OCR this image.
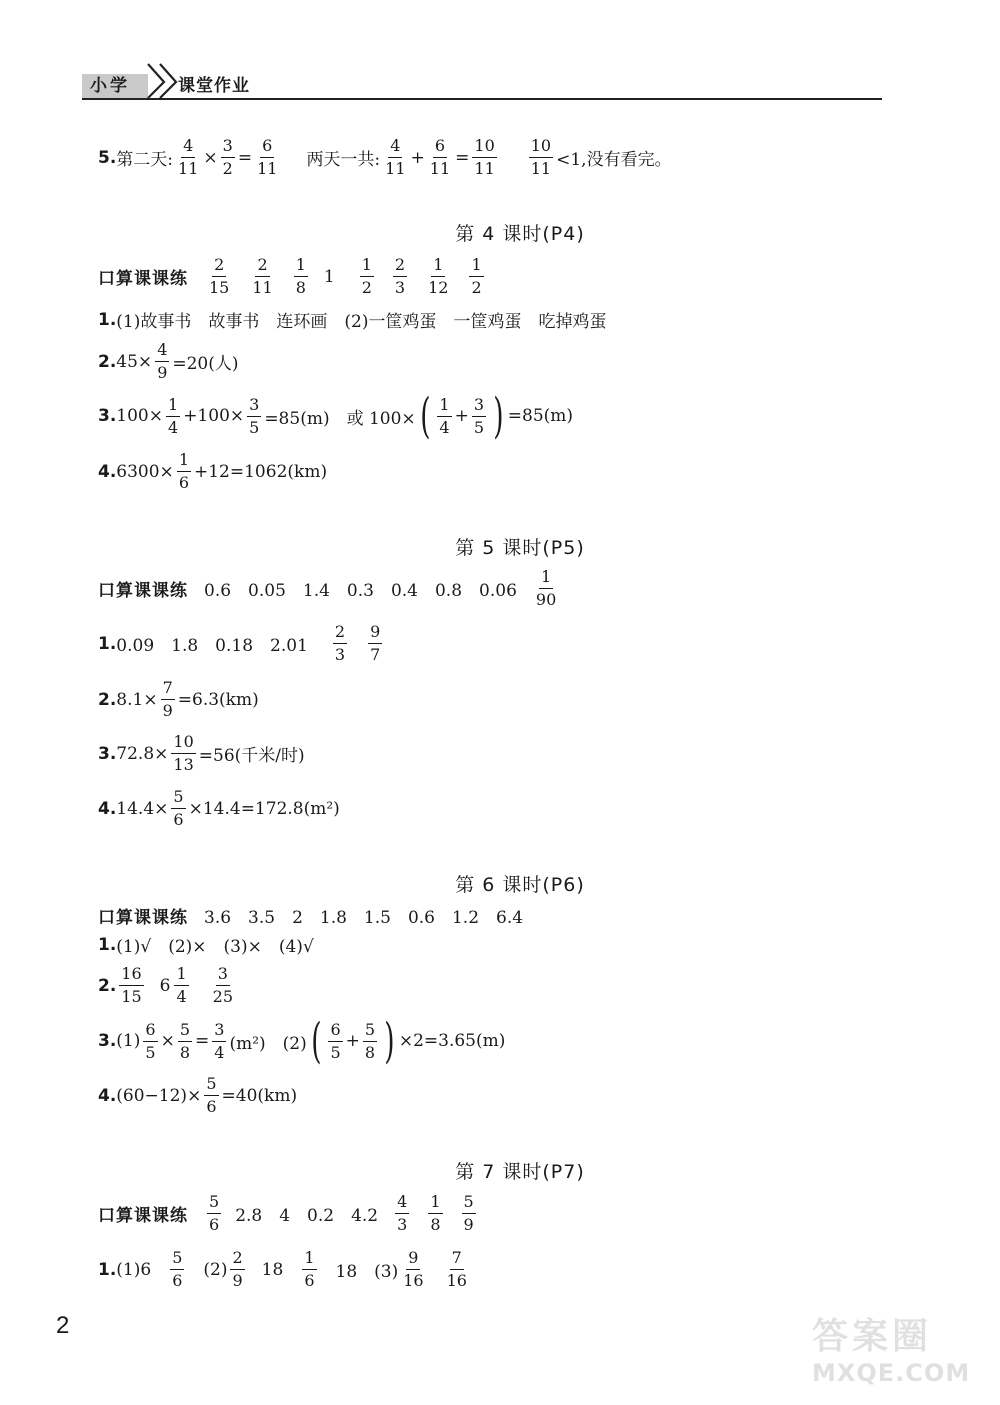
小学	课堂作业
5. 第二天: $\frac{4}{11} \times \frac{3}{2} = \frac{6}{11}$ 两天一共:
4
11
+ $\frac{6}{11} = \frac{10}{11} 10$
11 <1,没有看完。
第 4 课时(P4)
口算课课练
2
15
2
11
1
8
1
1
2
2
3
1
12
1
2
1. (1)故事书　故事书　连环画　(2)一筐鸡蛋　一筐鸡蛋　吃掉鸡蛋
2. $45\times \frac{4}{9} =20$(人)
3. $100\times \frac{1}{4} +100\times \frac{3}{5} =85(m)$　或 100× ( 1
4
+ $\frac{3}{5}$ ) =85(m)
4. $6300\times \frac{1}{6} +12=1062(km)$
第 5 课时(P5)
口算课课练 0.6　0.05　1.4　0.3　0.4　0.8　0.06
1
90
1. 0.09　1.8　0.18　2.01
2
3
9
7
2. $8.1\times \frac{7}{9} =6.3(km)$
3. $72.8\times \frac{10}{13} =56$(千米/时)
4. $14.4\times \frac{5}{6} \times 14.4=172.8(m^2)$
第 6 课时(P6)
口算课课练 3.6　3.5　2　1.8　1.5　0.6　1.2　6.4
1. (1)√　(2)×　(3)×　(4)√
2.
16
15
6
1
4
3
25
3. $(1) \frac{6}{5} \times \frac{5}{8} = \frac{3}{4} (m^2)$　(2) ( 6
5
+ $\frac{5}{8}$ ) ×2=3.65(m)
4. $(60-12)\times \frac{5}{6} =40(km)$
第 7 课时(P7)
口算课课练
5
6 2.8　4　0.2　4.2
4
3
1
8
5
9
1. (1)6
5
6
(2)
2
9
18
1
6 18　(3)
9
16
7
16
2	答案圈
MXQE.COM
